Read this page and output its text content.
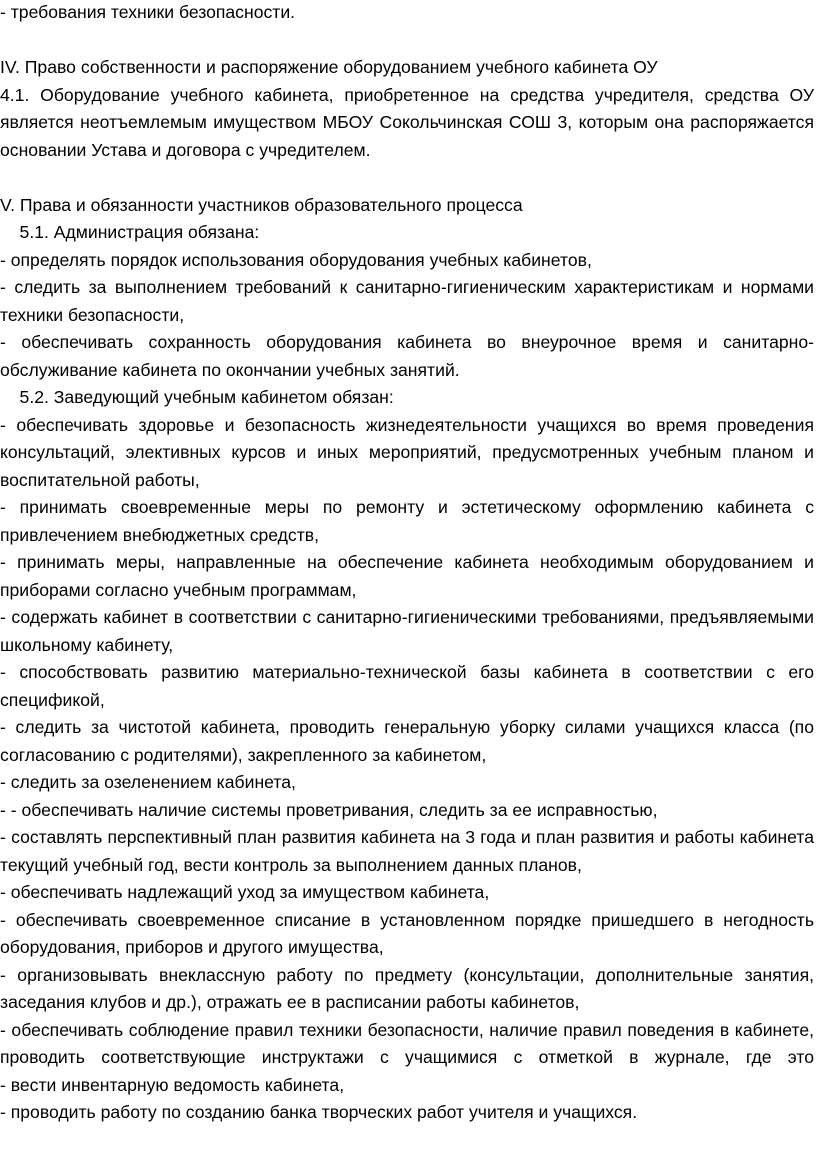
- требования техники безопасности.
IV. Право собственности и распоряжение оборудованием учебного кабинета ОУ
4.1. Оборудование учебного кабинета, приобретенное на средства учредителя, средства ОУ
является неотъемлемым имуществом МБОУ Сокольчинская СОШ 3, которым она распоряжается
основании Устава и договора с учредителем.
V. Права и обязанности участников образовательного процесса
5.1. Администрация обязана:
- определять порядок использования оборудования учебных кабинетов,
- следить за выполнением требований к санитарно-гигиеническим характеристикам и нормами
техники безопасности,
- обеспечивать сохранность оборудования кабинета во внеурочное время и санитарно-
обслуживание кабинета по окончании учебных занятий.
5.2. Заведующий учебным кабинетом обязан:
- обеспечивать здоровье и безопасность жизнедеятельности учащихся во время проведения
консультаций, элективных курсов и иных мероприятий, предусмотренных учебным планом и
воспитательной работы,
- принимать своевременные меры по ремонту и эстетическому оформлению кабинета с
привлечением внебюджетных средств,
- принимать меры, направленные на обеспечение кабинета необходимым оборудованием и
приборами согласно учебным программам,
- содержать кабинет в соответствии с санитарно-гигиеническими требованиями, предъявляемыми
школьному кабинету,
- способствовать развитию материально-технической базы кабинета в соответствии с его
спецификой,
- следить за чистотой кабинета, проводить генеральную уборку силами учащихся класса (по
согласованию с родителями), закрепленного за кабинетом,
- следить за озеленением кабинета,
- - обеспечивать наличие системы проветривания, следить за ее исправностью,
- составлять перспективный план развития кабинета на 3 года и план развития и работы кабинета
текущий учебный год, вести контроль за выполнением данных планов,
- обеспечивать надлежащий уход за имуществом кабинета,
- обеспечивать своевременное списание в установленном порядке пришедшего в негодность
оборудования, приборов и другого имущества,
- организовывать внеклассную работу по предмету (консультации, дополнительные занятия,
заседания клубов и др.), отражать ее в расписании работы кабинетов,
- обеспечивать соблюдение правил техники безопасности, наличие правил поведения в кабинете,
проводить соответствующие инструктажи с учащимися с отметкой в журнале, где это
- вести инвентарную ведомость кабинета,
- проводить работу по созданию банка творческих работ учителя и учащихся.
